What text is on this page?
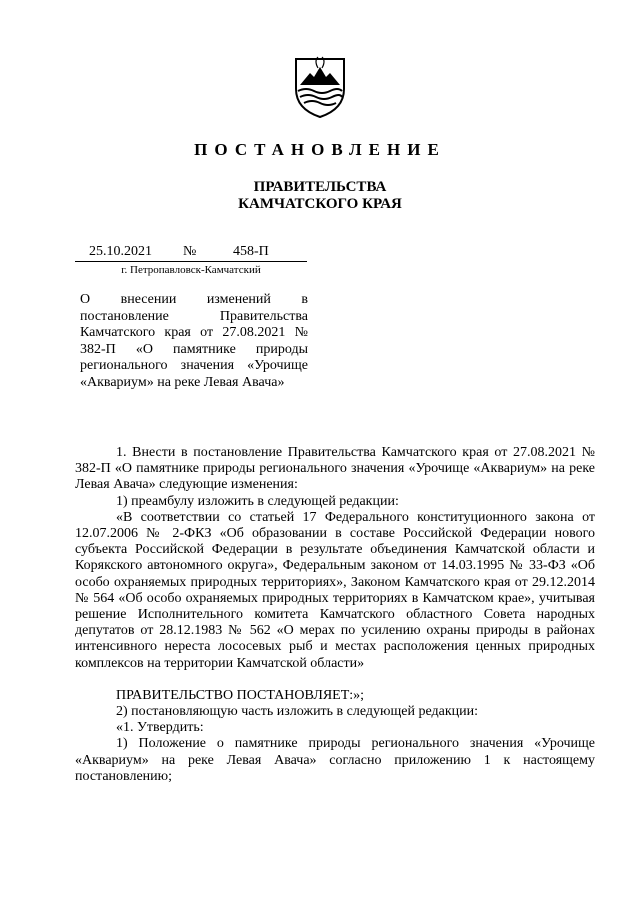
ПОСТАНОВЛЕНИЕ
ПРАВИТЕЛЬСТВА
КАМЧАТСКОГО КРАЯ
25.10.2021 №	458-П
г. Петропавловск-Камчатский
О внесении изменений в постановление Правительства Камчатского края от 27.08.2021 № 382-П «О памятнике природы регионального значения «Урочище «Аквариум» на реке Левая Авача»

1. Внести в постановление Правительства Камчатского края от 27.08.2021 № 382-П «О памятнике природы регионального значения «Урочище «Аквариум» на реке Левая Авача» следующие изменения:

1) преамбулу изложить в следующей редакции:

«В соответствии со статьей 17 Федерального конституционного закона от 12.07.2006 № 2-ФКЗ «Об образовании в составе Российской Федерации нового субъекта Российской Федерации в результате объединения Камчатской области и Корякского автономного округа», Федеральным законом от 14.03.1995 № 33-ФЗ «Об особо охраняемых природных территориях», Законом Камчатского края от 29.12.2014 № 564 «Об особо охраняемых природных территориях в Камчатском крае», учитывая решение Исполнительного комитета Камчатского областного Совета народных депутатов от 28.12.1983 № 562 «О мерах по усилению охраны природы в районах интенсивного нереста лососевых рыб и местах расположения ценных природных комплексов на территории Камчатской области»

ПРАВИТЕЛЬСТВО ПОСТАНОВЛЯЕТ:»;

2) постановляющую часть изложить в следующей редакции:

«1. Утвердить:

1) Положение о памятнике природы регионального значения «Урочище «Аквариум» на реке Левая Авача» согласно приложению 1 к настоящему постановлению;
